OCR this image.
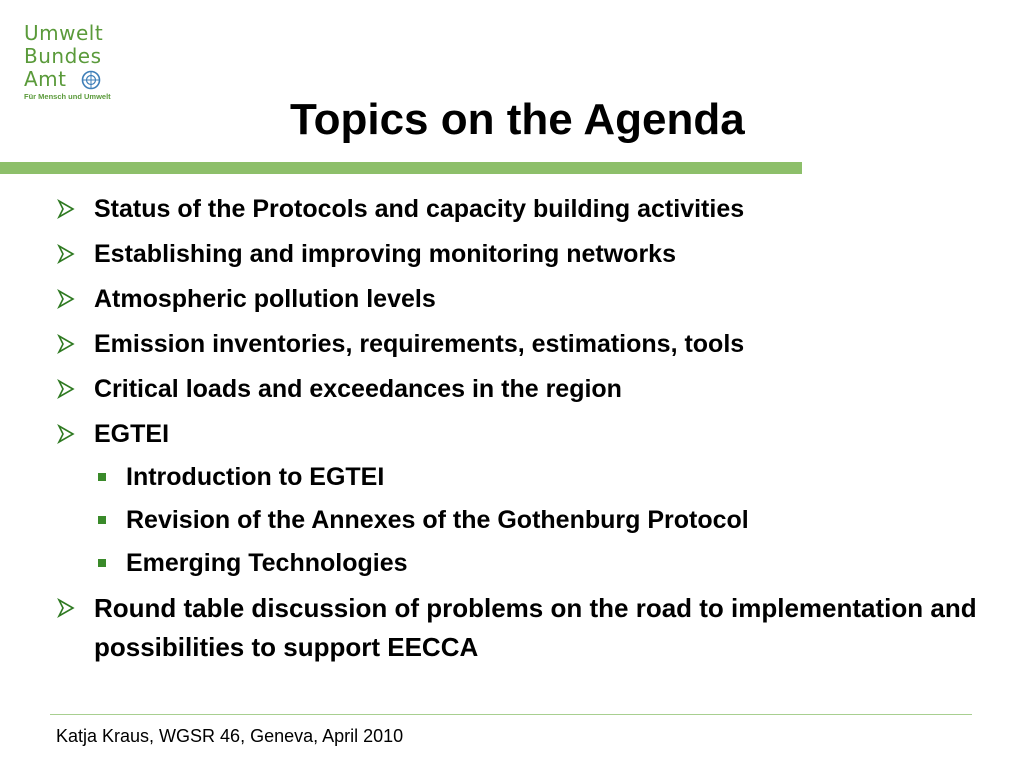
Umwelt
Bundes
Amt
Für Mensch und Umwelt	Topics on the Agenda
Status of the Protocols and capacity building activities
Establishing and improving monitoring networks
Atmospheric pollution levels
Emission inventories, requirements, estimations, tools
Critical loads and exceedances in the region
EGTEI
Introduction to EGTEI
Revision of the Annexes of the Gothenburg Protocol
Emerging Technologies
Round table discussion of problems on the road to implementation and possibilities to support EECCA
Katja Kraus, WGSR 46, Geneva, April 2010
